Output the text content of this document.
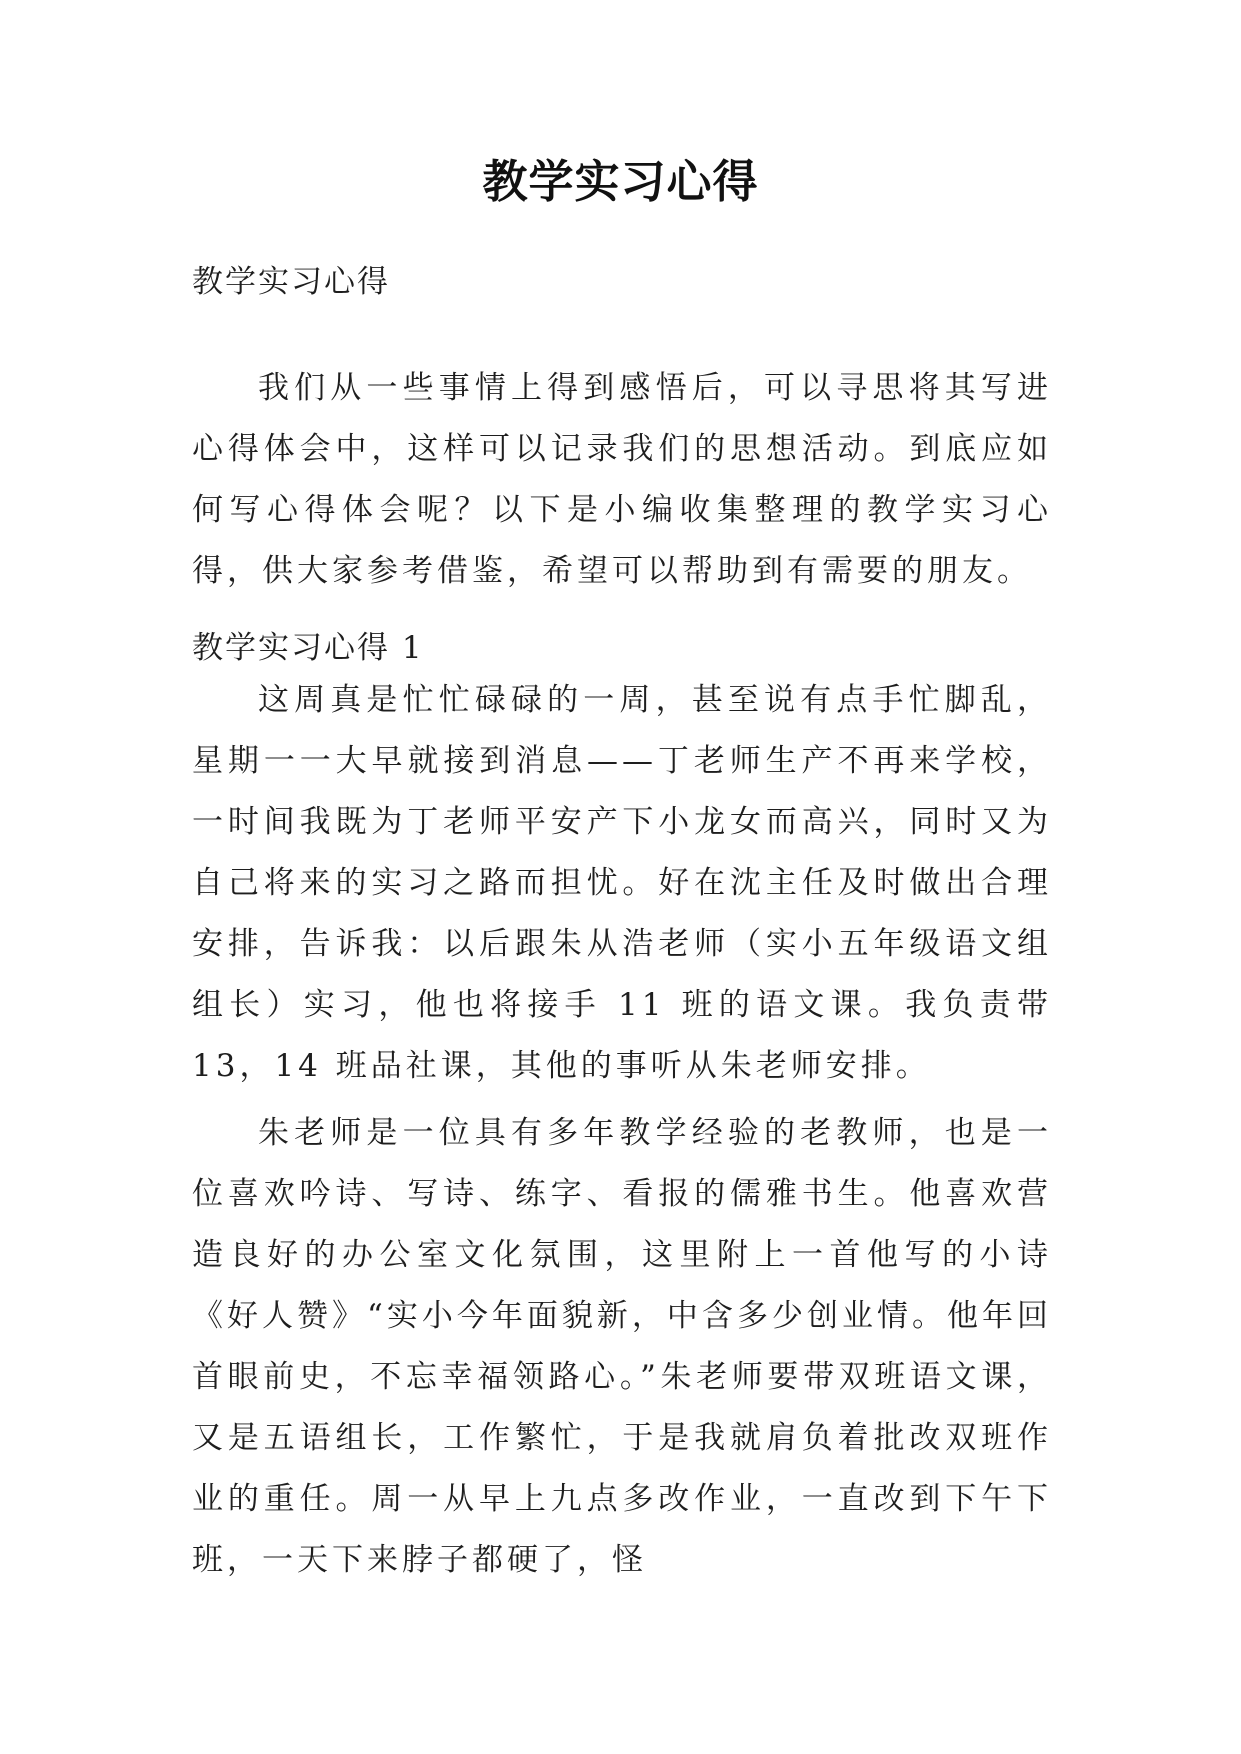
教学实习心得
教学实习心得

我们从一些事情上得到感悟后，可以寻思将其写进心得体会中，这样可以记录我们的思想活动。到底应如何写心得体会呢？以下是小编收集整理的教学实习心得，供大家参考借鉴，希望可以帮助到有需要的朋友。

教学实习心得 1

这周真是忙忙碌碌的一周，甚至说有点手忙脚乱，星期一一大早就接到消息——丁老师生产不再来学校，一时间我既为丁老师平安产下小龙女而高兴，同时又为自己将来的实习之路而担忧。好在沈主任及时做出合理安排，告诉我：以后跟朱从浩老师（实小五年级语文组组长）实习，他也将接手 11 班的语文课。我负责带 13，14 班品社课，其他的事听从朱老师安排。

朱老师是一位具有多年教学经验的老教师，也是一位喜欢吟诗、写诗、练字、看报的儒雅书生。他喜欢营造良好的办公室文化氛围，这里附上一首他写的小诗《好人赞》“实小今年面貌新，中含多少创业情。他年回首眼前史，不忘幸福领路心。”朱老师要带双班语文课，又是五语组长，工作繁忙，于是我就肩负着批改双班作业的重任。周一从早上九点多改作业，一直改到下午下班，一天下来脖子都硬了，怪
